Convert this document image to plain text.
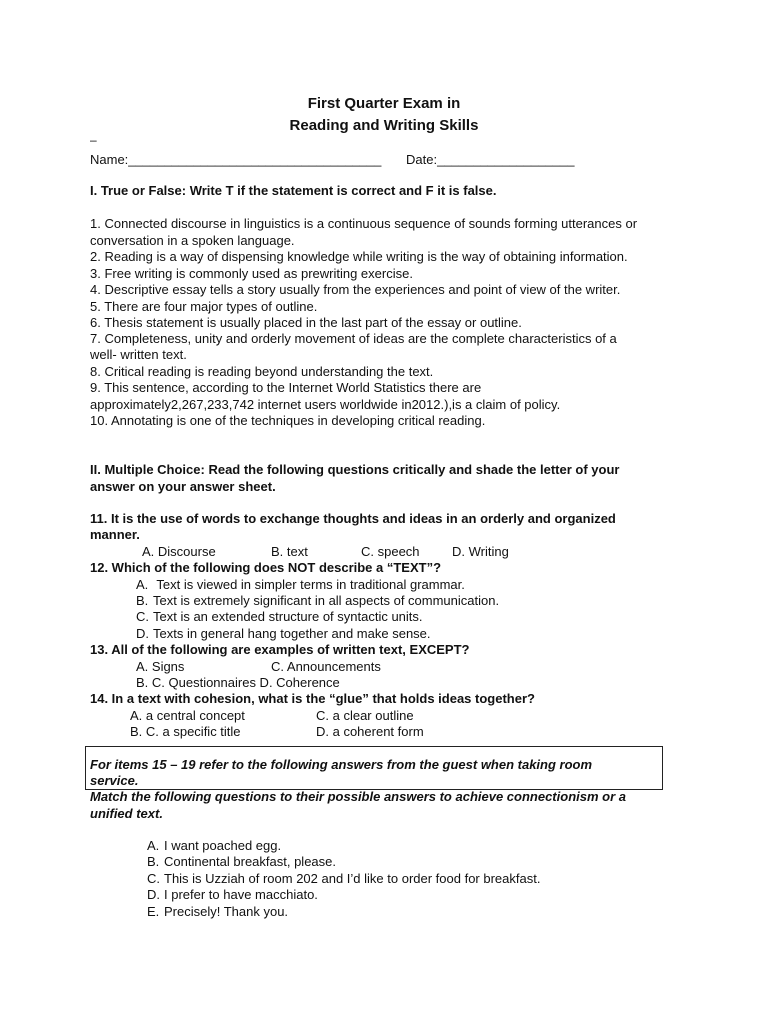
First Quarter Exam in
Reading and Writing Skills
–
Name:___________________________________ Date:___________________
I. True or False: Write T if the statement is correct and F it is false.
1. Connected discourse in linguistics is a continuous sequence of sounds forming utterances or
conversation in a spoken language.
2. Reading is a way of dispensing knowledge while writing is the way of obtaining information.
3. Free writing is commonly used as prewriting exercise.
4. Descriptive essay tells a story usually from the experiences and point of view of the writer.
5. There are four major types of outline.
6. Thesis statement is usually placed in the last part of the essay or outline.
7. Completeness, unity and orderly movement of ideas are the complete characteristics of a
well- written text.
8. Critical reading is reading beyond understanding the text.
9. This sentence, according to the Internet World Statistics there are
approximately2,267,233,742 internet users worldwide in2012.),is a claim of policy.
10. Annotating is one of the techniques in developing critical reading.
II. Multiple Choice: Read the following questions critically and shade the letter of your
answer on your answer sheet.
11. It is the use of words to exchange thoughts and ideas in an orderly and organized
manner.
A. Discourse	B. text	C. speech D. Writing
12. Which of the following does NOT describe a “TEXT”?
A. Text is viewed in simpler terms in traditional grammar.
B. Text is extremely significant in all aspects of communication.
C. Text is an extended structure of syntactic units.
D. Texts in general hang together and make sense.
13. All of the following are examples of written text, EXCEPT?
A. Signs	C. Announcements
B. C. Questionnaires D. Coherence
14. In a text with cohesion, what is the “glue” that holds ideas together?
A. a central concept	C. a clear outline
B. C. a specific title	D. a coherent form
For items 15 – 19 refer to the following answers from the guest when taking room
service.
Match the following questions to their possible answers to achieve connectionism or a
unified text.
A. I want poached egg.
B. Continental breakfast, please.
C. This is Uzziah of room 202 and I’d like to order food for breakfast.
D. I prefer to have macchiato.
E. Precisely! Thank you.
